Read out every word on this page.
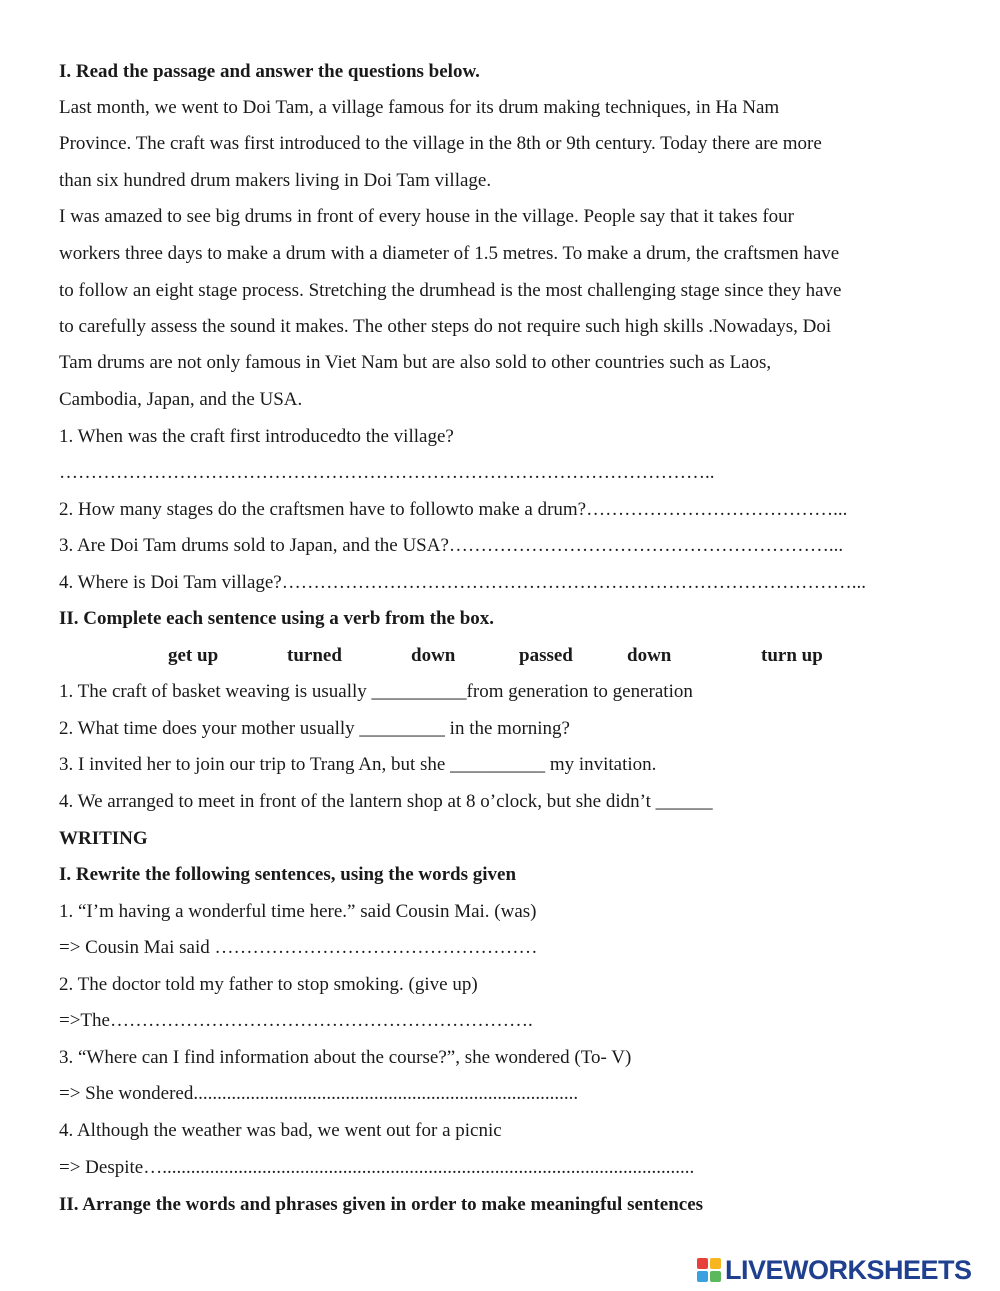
I. Read the passage and answer the questions below.

Last month, we went to Doi Tam, a village famous for its drum making techniques, in Ha Nam

Province. The craft was first introduced to the village in the 8th or 9th century. Today there are more

than six hundred drum makers living in Doi Tam village.

I was amazed to see big drums in front of every house in the village. People say that it takes four

workers three days to make a drum with a diameter of 1.5 metres. To make a drum, the craftsmen have

to follow an eight stage process. Stretching the drumhead is the most challenging stage since they have

to carefully assess the sound it makes. The other steps do not require such high skills .Nowadays, Doi

Tam drums are not only famous in Viet Nam but are also sold to other countries such as Laos,

Cambodia, Japan, and the USA.

1. When was the craft first introducedto the village?

…………………………………………………………………………………………..

2. How many stages do the craftsmen have to followto make a drum?…………………………………...

3. Are Doi Tam drums sold to Japan, and the USA?……………………………………………………...

4. Where is Doi Tam village?………………………………………………………………………………...

II. Complete each sentence using a verb from the box.

get up	turned	down	passed	down	turn up

1. The craft of basket weaving is usually __________from generation to generation

2. What time does your mother usually _________ in the morning?

3. I invited her to join our trip to Trang An, but she __________ my invitation.

4. We arranged to meet in front of the lantern shop at 8 o’clock, but she didn’t ______

WRITING

I. Rewrite the following sentences, using the words given

1. “I’m having a wonderful time here.” said Cousin Mai. (was)

=> Cousin Mai said ……………………………………………

2. The doctor told my father to stop smoking. (give up)

=>The………………………………………………………….

3. “Where can I find information about the course?”, she wondered (To- V)

=> She wondered.................................................................................

4. Although the weather was bad, we went out for a picnic

=> Despite…................................................................................................................

II. Arrange the words and phrases given in order to make meaningful sentences

LIVEWORKSHEETS
